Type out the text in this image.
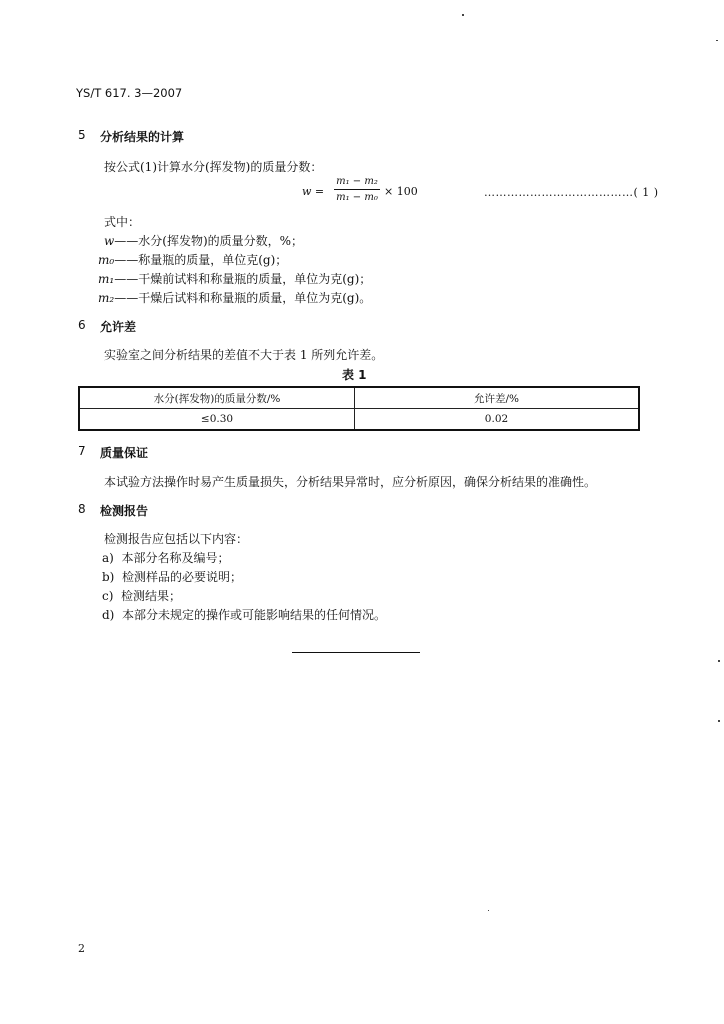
YS/T 617. 3—2007
5 分析结果的计算
按公式(1)计算水分(挥发物)的质量分数：
w =
m₁ − m₂
m₁ − m₀ × 100	…………………………………( 1 )
式中：
w——水分(挥发物)的质量分数，%；
m₀——称量瓶的质量，单位克(g)；
m₁——干燥前试料和称量瓶的质量，单位为克(g)；
m₂——干燥后试料和称量瓶的质量，单位为克(g)。
6 允许差
实验室之间分析结果的差值不大于表 1 所列允许差。
表 1
水分(挥发物)的质量分数/%	允许差/%
≤0.30	0.02
7 质量保证
本试验方法操作时易产生质量损失，分析结果异常时，应分析原因，确保分析结果的准确性。
8 检测报告
检测报告应包括以下内容：
a) 本部分名称及编号；
b) 检测样品的必要说明；
c) 检测结果；
d) 本部分未规定的操作或可能影响结果的任何情况。
2
